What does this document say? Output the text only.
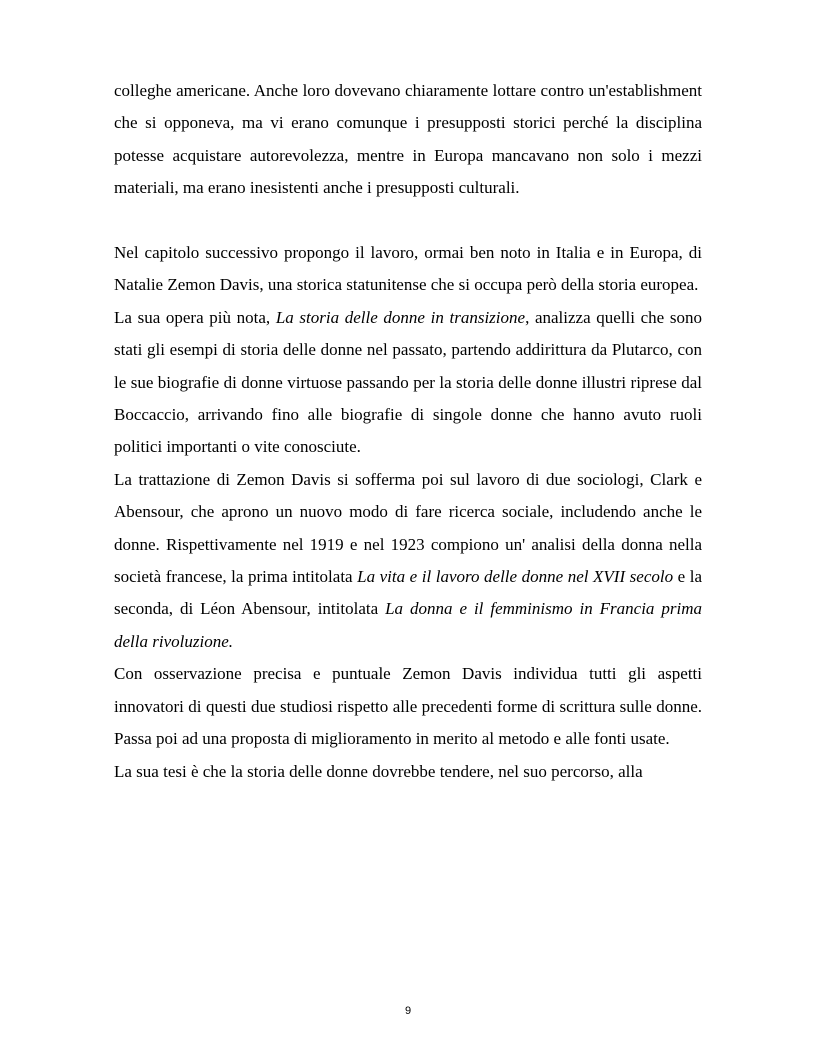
colleghe americane. Anche loro dovevano chiaramente lottare contro un'establishment che si opponeva, ma vi erano comunque i presupposti storici perché la disciplina potesse acquistare autorevolezza, mentre in Europa mancavano non solo i mezzi materiali, ma erano inesistenti anche i presupposti culturali.

Nel capitolo successivo propongo il lavoro, ormai ben noto in Italia e in Europa, di Natalie Zemon Davis, una storica statunitense che si occupa però della storia europea.

La sua opera più nota, La storia delle donne in transizione, analizza quelli che sono stati gli esempi di storia delle donne nel passato, partendo addirittura da Plutarco, con le sue biografie di donne virtuose passando per la storia delle donne illustri riprese dal Boccaccio, arrivando fino alle biografie di singole donne che hanno avuto ruoli politici importanti o vite conosciute.

La trattazione di Zemon Davis si sofferma poi sul lavoro di due sociologi, Clark e Abensour, che aprono un nuovo modo di fare ricerca sociale, includendo anche le donne. Rispettivamente nel 1919 e nel 1923 compiono un' analisi della donna nella società francese, la prima intitolata La vita e il lavoro delle donne nel XVII secolo e la seconda, di Léon Abensour, intitolata La donna e il femminismo in Francia prima della rivoluzione.

Con osservazione precisa e puntuale Zemon Davis individua tutti gli aspetti innovatori di questi due studiosi rispetto alle precedenti forme di scrittura sulle donne. Passa poi ad una proposta di miglioramento in merito al metodo e alle fonti usate.

La sua tesi è che la storia delle donne dovrebbe tendere, nel suo percorso, alla

9
